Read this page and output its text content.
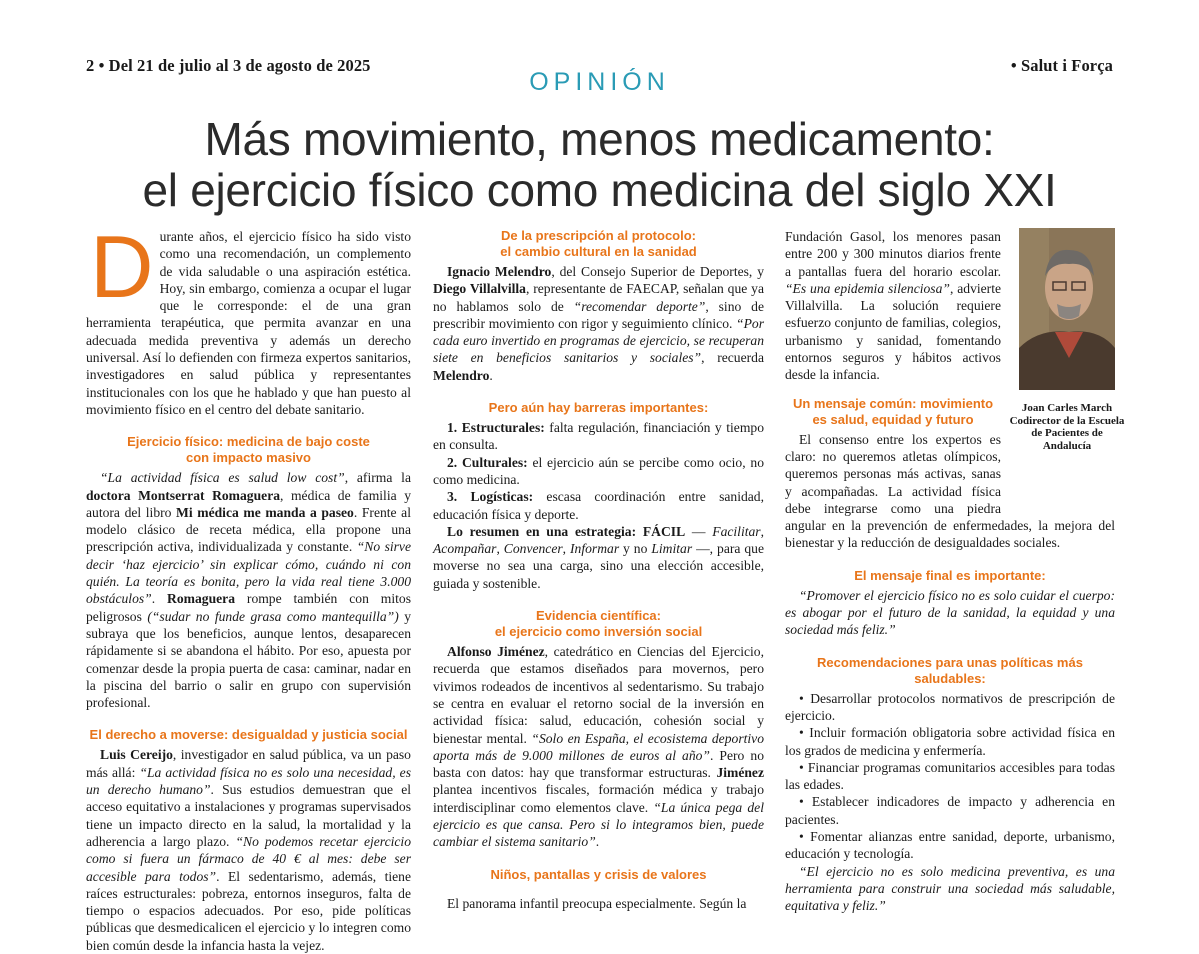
2 • Del 21 de julio al 3 de agosto de 2025	• Salut i Força
OPINIÓN
Más movimiento, menos medicamento:
el ejercicio físico como medicina del siglo XXI

Durante años, el ejercicio físico ha sido visto como una recomendación, un complemento de vida saludable o una aspiración estética. Hoy, sin embargo, comienza a ocupar el lugar que le corresponde: el de una gran herramienta terapéutica, que permita avanzar en una adecuada medida preventiva y además un derecho universal. Así lo defienden con firmeza expertos sanitarios, investigadores en salud pública y representantes institucionales con los que he hablado y que han puesto al movimiento físico en el centro del debate sanitario.

Ejercicio físico: medicina de bajo coste
con impacto masivo

“La actividad física es salud low cost”, afirma la doctora Montserrat Romaguera, médica de familia y autora del libro Mi médica me manda a paseo. Frente al modelo clásico de receta médica, ella propone una prescripción activa, individualizada y constante. “No sirve decir ‘haz ejercicio’ sin explicar cómo, cuándo ni con quién. La teoría es bonita, pero la vida real tiene 3.000 obstáculos”. Romaguera rompe también con mitos peligrosos (“sudar no funde grasa como mantequilla”) y subraya que los beneficios, aunque lentos, desaparecen rápidamente si se abandona el hábito. Por eso, apuesta por comenzar desde la propia puerta de casa: caminar, nadar en la piscina del barrio o salir en grupo con supervisión profesional.

El derecho a moverse: desigualdad y justicia social

Luis Cereijo, investigador en salud pública, va un paso más allá: “La actividad física no es solo una necesidad, es un derecho humano”. Sus estudios demuestran que el acceso equitativo a instalaciones y programas supervisados tiene un impacto directo en la salud, la mortalidad y la adherencia a largo plazo. “No podemos recetar ejercicio como si fuera un fármaco de 40 € al mes: debe ser accesible para todos”. El sedentarismo, además, tiene raíces estructurales: pobreza, entornos inseguros, falta de tiempo o espacios adecuados. Por eso, pide políticas públicas que desmedicalicen el ejercicio y lo integren como bien común desde la infancia hasta la vejez.

De la prescripción al protocolo:
el cambio cultural en la sanidad

Ignacio Melendro, del Consejo Superior de Deportes, y Diego Villalvilla, representante de FAECAP, señalan que ya no hablamos solo de “recomendar deporte”, sino de prescribir movimiento con rigor y seguimiento clínico. “Por cada euro invertido en programas de ejercicio, se recuperan siete en beneficios sanitarios y sociales”, recuerda Melendro.

Pero aún hay barreras importantes:

1. Estructurales: falta regulación, financiación y tiempo en consulta.

2. Culturales: el ejercicio aún se percibe como ocio, no como medicina.

3. Logísticas: escasa coordinación entre sanidad, educación física y deporte.

Lo resumen en una estrategia: FÁCIL — Facilitar, Acompañar, Convencer, Informar y no Limitar —, para que moverse no sea una carga, sino una elección accesible, guiada y sostenible.

Evidencia científica:
el ejercicio como inversión social

Alfonso Jiménez, catedrático en Ciencias del Ejercicio, recuerda que estamos diseñados para movernos, pero vivimos rodeados de incentivos al sedentarismo. Su trabajo se centra en evaluar el retorno social de la inversión en actividad física: salud, educación, cohesión social y bienestar mental. “Solo en España, el ecosistema deportivo aporta más de 9.000 millones de euros al año”. Pero no basta con datos: hay que transformar estructuras. Jiménez plantea incentivos fiscales, formación médica y trabajo interdisciplinar como elementos clave. “La única pega del ejercicio es que cansa. Pero si lo integramos bien, puede cambiar el sistema sanitario”.

Niños, pantallas y crisis de valores

El panorama infantil preocupa especialmente. Según la

Joan Carles March
Codirector de la Escuela de Pacientes de Andalucía

Fundación Gasol, los menores pasan entre 200 y 300 minutos diarios frente a pantallas fuera del horario escolar. “Es una epidemia silenciosa”, advierte Villalvilla. La solución requiere esfuerzo conjunto de familias, colegios, urbanismo y sanidad, fomentando entornos seguros y hábitos activos desde la infancia.

Un mensaje común: movimiento
es salud, equidad y futuro

El consenso entre los expertos es claro: no queremos atletas olímpicos, queremos personas más activas, sanas y acompañadas. La actividad física debe integrarse como una piedra angular en la prevención de enfermedades, la mejora del bienestar y la reducción de desigualdades sociales.

El mensaje final es importante:

“Promover el ejercicio físico no es solo cuidar el cuerpo: es abogar por el futuro de la sanidad, la equidad y una sociedad más feliz.”

Recomendaciones para unas políticas más
saludables:

• Desarrollar protocolos normativos de prescripción de ejercicio.

• Incluir formación obligatoria sobre actividad física en los grados de medicina y enfermería.

• Financiar programas comunitarios accesibles para todas las edades.

• Establecer indicadores de impacto y adherencia en pacientes.

• Fomentar alianzas entre sanidad, deporte, urbanismo, educación y tecnología.

“El ejercicio no es solo medicina preventiva, es una herramienta para construir una sociedad más saludable, equitativa y feliz.”
